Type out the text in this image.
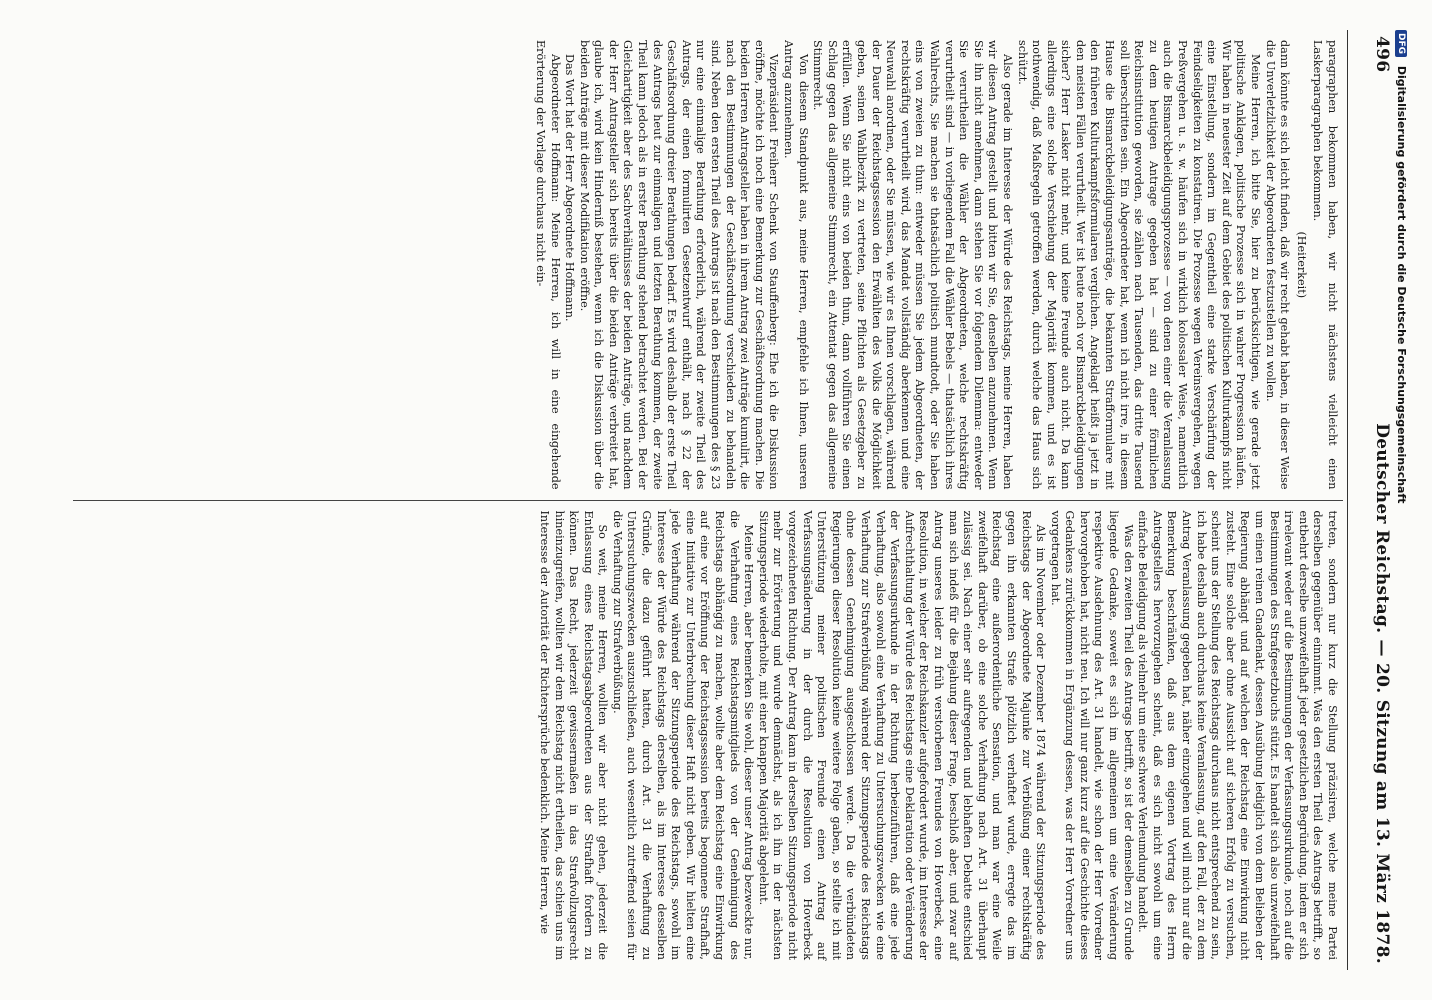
496
Deutscher Reichstag. — 20. Sitzung am 13. März 1878.

paragraphen bekommen haben, wir nicht nächstens vielleicht einen Laskerparagraphen bekommen.

(Heiterkeit)

dann könnte es sich leicht finden, daß wir recht gehabt haben, in dieser Weise die Unverletzlichkeit der Abgeordneten festzustellen zu wollen.

Meine Herren, ich bitte Sie, hier zu berücksichtigen, wie gerade jetzt politische Anklagen, politische Prozesse sich in wahrer Progression häufen. Wir haben in neuester Zeit auf dem Gebiet des politischen Kulturkampfs nicht eine Einstellung, sondern im Gegentheil eine starke Verschärfung der Feindseligkeiten zu konstatiren. Die Prozesse wegen Vereinsvergehen, wegen Preßvergehen u. s. w. häufen sich in wirklich kolossaler Weise, namentlich auch die Bismarckbeleidigungsprozesse — von denen einer die Veranlassung zu dem heutigen Antrage gegeben hat — sind zu einer förmlichen Reichsinstitution geworden, sie zählen nach Tausenden, das dritte Tausend soll überschritten sein. Ein Abgeordneter hat, wenn ich nicht irre, in diesem Hause die Bismarckbeleidigungsanträge, die bekannten Strafformulare mit den früheren Kulturkampfsformularen verglichen. Angeklagt heißt ja jetzt in den meisten Fällen verurtheilt. Wer ist heute noch vor Bismarckbeleidigungen sicher? Herr Lasker nicht mehr, und keine Freunde auch nicht. Da kann allerdings eine solche Verschiebung der Majorität kommen, und es ist nothwendig, daß Maßregeln getroffen werden, durch welche das Haus sich schützt.

Also gerade im Interesse der Würde des Reichstags, meine Herren, haben wir diesen Antrag gestellt und bitten wir Sie, denselben anzunehmen. Wenn Sie ihn nicht annehmen, dann stehen Sie vor folgendem Dilemma: entweder Sie verurtheilen die Wähler der Abgeordneten, welche rechtskräftig verurtheilt sind — in vorliegendem Fall die Wähler Bebels — thatsächlich ihres Wahlrechts, Sie machen sie thatsächlich politisch mundtodt, oder Sie haben eins von zweien zu thun: entweder müssen Sie jedem Abgeordneten, der rechtskräftig verurtheilt wird, das Mandat vollständig aberkennen und eine Neuwahl anordnen, oder Sie müssen, wie wir es Ihnen vorschlagen, während der Dauer der Reichstagssession den Erwählten des Volks die Möglichkeit geben, seinen Wahlbezirk zu vertreten, seine Pflichten als Gesetzgeber zu erfüllen. Wenn Sie nicht eins von beiden thun, dann vollführen Sie einen Schlag gegen das allgemeine Stimmrecht, ein Attentat gegen das allgemeine Stimmrecht.

Von diesem Standpunkt aus, meine Herren, empfehle ich Ihnen, unseren Antrag anzunehmen.

Vizepräsident Freiherr Schenk von Stauffenberg: Ehe ich die Diskussion eröffne, möchte ich noch eine Bemerkung zur Geschäftsordnung machen. Die beiden Herren Antragsteller haben in ihrem Antrag zwei Anträge kumulirt, die nach den Bestimmungen der Geschäftsordnung verschieden zu behandeln sind. Neben den ersten Theil des Antrags ist nach den Bestimmungen des § 23 nur eine einmalige Berathung erforderlich, während der zweite Theil des Antrags, der einen formulirten Gesetzentwurf enthält, nach § 22 der Geschäftsordnung dreier Berathungen bedarf. Es wird deshalb der erste Theil des Antrags heut zur einmaligen und letzten Berathung kommen, der zweite Theil kann jedoch als in erster Berathung stehend betrachtet werden. Bei der Gleichartigkeit aber des Sachverhältnisses der beiden Anträge, und nachdem der Herr Antragsteller sich bereits über die beiden Anträge verbreitet hat, glaube ich, wird kein Hinderniß bestehen, wenn ich die Diskussion über die beiden Anträge mit dieser Modifikation eröffne.

Das Wort hat der Herr Abgeordnete Hoffmann.

Abgeordneter Hoffmann: Meine Herren, ich will in eine eingehende Erörterung der Vorlage durchaus nicht ein-

treten, sondern nur kurz die Stellung präzisiren, welche meine Partei derselben gegenüber einnimmt. Was den ersten Theil des Antrags betrifft, so entbehrt derselbe unzweifelhaft jeder gesetzlichen Begründung, indem er sich irrelevant weder auf die Bestimmungen der Verfassungsurkunde, noch auf die Bestimmungen des Strafgesetzbuchs stützt. Es handelt sich also unzweifelhaft um einen reinen Gnadenakt, dessen Ausübung lediglich von dem Belieben der Regierung abhängt und auf welchen der Reichstag eine Einwirkung nicht zusteht. Eine solche aber ohne Aussicht auf sicheren Erfolg zu versuchen, scheint uns der Stellung des Reichstags durchaus nicht entsprechend zu sein, ich habe deshalb auch durchaus keine Veranlassung, auf den Fall, der zu dem Antrag Veranlassung gegeben hat, näher einzugehen und will mich nur auf die Bemerkung beschränken, daß aus dem eigenen Vortrag des Herrn Antragstellers hervorzugehen scheint, daß es sich nicht sowohl um eine einfache Beleidigung als vielmehr um eine schwere Verleumdung handelt.

Was den zweiten Theil des Antrags betrifft, so ist der demselben zu Grunde liegende Gedanke, soweit es sich im allgemeinen um eine Veränderung respektive Ausdehnung des Art. 31 handelt, wie schon der Herr Vorredner hervorgehoben hat, nicht neu. Ich will nur ganz kurz auf die Geschichte dieses Gedankens zurückkommen in Ergänzung dessen, was der Herr Vorredner uns vorgetragen hat.

Als im November oder Dezember 1874 während der Sitzungsperiode des Reichstags der Abgeordnete Majunke zur Verbüßung einer rechtskräftig gegen ihn erkannten Strafe plötzlich verhaftet wurde, erregte das im Reichstag eine außerordentliche Sensation, und man war eine Weile zweifelhaft darüber, ob eine solche Verhaftung nach Art. 31 überhaupt zulässig sei. Nach einer sehr aufregenden und lebhaften Debatte entschied man sich indeß für die Bejahung dieser Frage, beschloß aber, und zwar auf Antrag unseres leider zu früh verstorbenen Freundes von Hoverbeck, eine Resolution, in welcher der Reichskanzler aufgefordert wurde, im Interesse der Aufrechthaltung der Würde des Reichstags eine Deklaration oder Veränderung der Verfassungsurkunde in der Richtung herbeizuführen, daß eine jede Verhaftung, also sowohl eine Verhaftung zu Untersuchungszwecken wie eine Verhaftung zur Strafverbüßung während der Sitzungsperiode des Reichstags ohne dessen Genehmigung ausgeschlossen werde. Da die verbündeten Regierungen dieser Resolution keine weitere Folge gaben, so stellte ich mit Unterstützung meiner politischen Freunde einen Antrag auf Verfassungsänderung in der durch die Resolution von Hoverbeck vorgezeichneten Richtung. Der Antrag kam in derselben Sitzungsperiode nicht mehr zur Erörterung und wurde demnächst, als ich ihn in der nächsten Sitzungsperiode wiederholte, mit einer knappen Majorität abgelehnt.

Meine Herren, aber bemerken Sie wohl, dieser unser Antrag bezweckte nur, die Verhaftung eines Reichstagsmitglieds von der Genehmigung des Reichstags abhängig zu machen, wollte aber dem Reichstag eine Einwirkung auf eine vor Eröffnung der Reichstagssession bereits begonnene Strafhaft, eine Initiative zur Unterbrechung dieser Haft nicht geben. Wir hielten eine jede Verhaftung während der Sitzungsperiode des Reichstags, sowohl im Interesse der Würde des Reichstags derselben, als im Interesse desselben Gründe, die dazu geführt hatten, durch Art. 31 die Verhaftung zu Untersuchungszwecken auszuschließen, auch wesentlich zutreffend seien für die Verhaftung zur Strafverbüßung.

So weit, meine Herren, wollten wir aber nicht gehen, jederzeit die Entlassung eines Reichstagsabgeordneten aus der Strafhaft fordern zu können. Das Recht, jederzeit gewissermaßen in das Strafvollzugsrecht hineinzugreifen, wollten wir dem Reichstag nicht ertheilen, das schien uns im Interesse der Autorität der Richtersprüche bedenklich. Meine Herren, wie

DFG Digitalisierung gefördert durch die Deutsche Forschungsgemeinschaft
